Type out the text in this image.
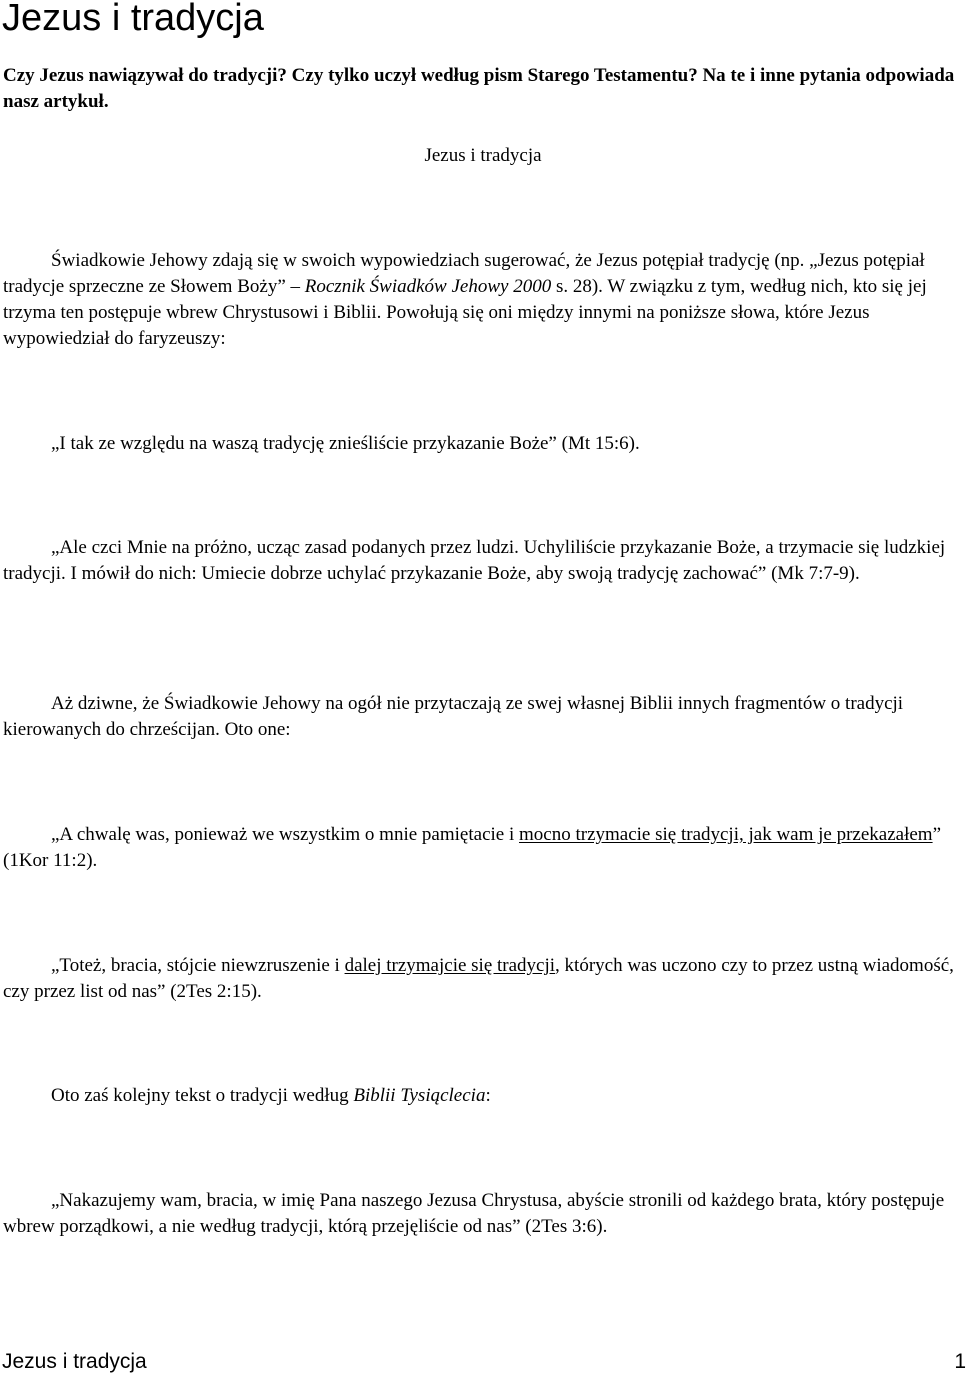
Jezus i tradycja

Czy Jezus nawiązywał do tradycji? Czy tylko uczył według pism Starego Testamentu? Na te i inne pytania odpowiada nasz artykuł.

Jezus i tradycja

Świadkowie Jehowy zdają się w swoich wypowiedziach sugerować, że Jezus potępiał tradycję (np. „Jezus potępiał tradycje sprzeczne ze Słowem Boży” – Rocznik Świadków Jehowy 2000 s. 28). W związku z tym, według nich, kto się jej trzyma ten postępuje wbrew Chrystusowi i Biblii. Powołują się oni między innymi na poniższe słowa, które Jezus wypowiedział do faryzeuszy:

„I tak ze względu na waszą tradycję znieśliście przykazanie Boże” (Mt 15:6).

„Ale czci Mnie na próżno, ucząc zasad podanych przez ludzi. Uchyliliście przykazanie Boże, a trzymacie się ludzkiej tradycji. I mówił do nich: Umiecie dobrze uchylać przykazanie Boże, aby swoją tradycję zachować” (Mk 7:7-9).

Aż dziwne, że Świadkowie Jehowy na ogół nie przytaczają ze swej własnej Biblii innych fragmentów o tradycji kierowanych do chrześcijan. Oto one:

„A chwalę was, ponieważ we wszystkim o mnie pamiętacie i mocno trzymacie się tradycji, jak wam je przekazałem” (1Kor 11:2).

„Toteż, bracia, stójcie niewzruszenie i dalej trzymajcie się tradycji, których was uczono czy to przez ustną wiadomość, czy przez list od nas” (2Tes 2:15).

Oto zaś kolejny tekst o tradycji według Biblii Tysiąclecia:

„Nakazujemy wam, bracia, w imię Pana naszego Jezusa Chrystusa, abyście stronili od każdego brata, który postępuje wbrew porządkowi, a nie według tradycji, którą przejęliście od nas” (2Tes 3:6).

Jezus i tradycja	1
